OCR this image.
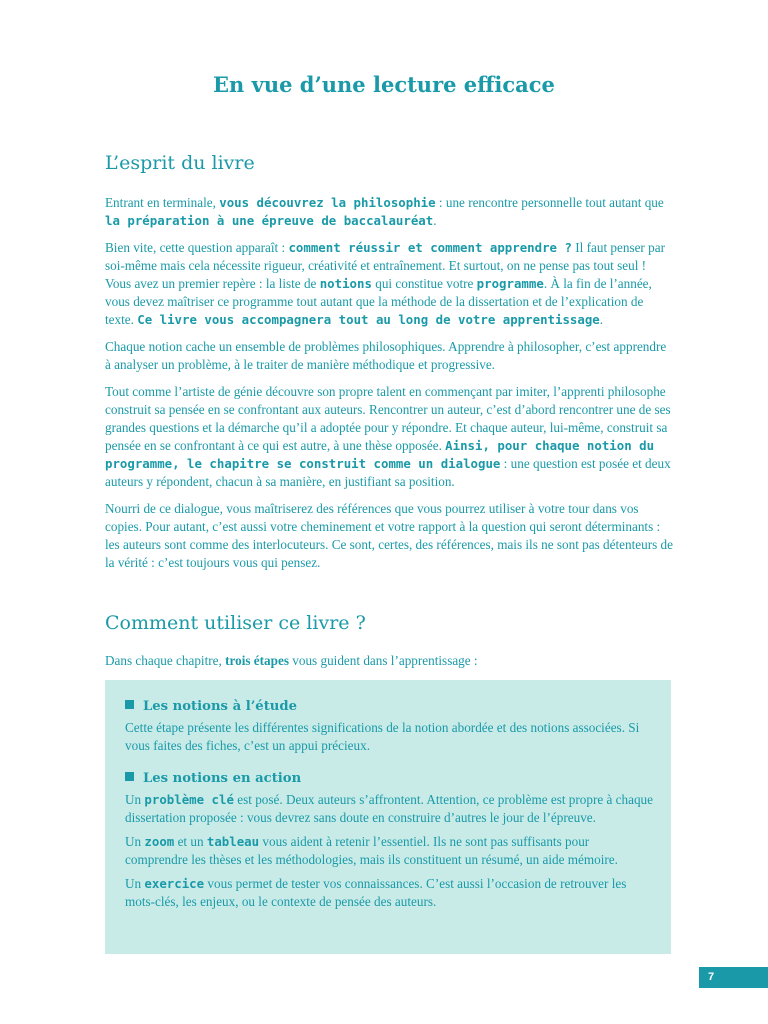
En vue d’une lecture efficace
L’esprit du livre

Entrant en terminale, vous découvrez la philosophie : une rencontre personnelle tout autant que la préparation à une épreuve de baccalauréat.

Bien vite, cette question apparaît : comment réussir et comment apprendre ? Il faut penser par soi-même mais cela nécessite rigueur, créativité et entraînement. Et surtout, on ne pense pas tout seul ! Vous avez un premier repère : la liste de notions qui constitue votre programme. À la fin de l’année, vous devez maîtriser ce programme tout autant que la méthode de la dissertation et de l’explication de texte. Ce livre vous accompagnera tout au long de votre apprentissage.

Chaque notion cache un ensemble de problèmes philosophiques. Apprendre à philosopher, c’est apprendre à analyser un problème, à le traiter de manière méthodique et progressive.

Tout comme l’artiste de génie découvre son propre talent en commençant par imiter, l’apprenti philosophe construit sa pensée en se confrontant aux auteurs. Rencontrer un auteur, c’est d’abord rencontrer une de ses grandes questions et la démarche qu’il a adoptée pour y répondre. Et chaque auteur, lui-même, construit sa pensée en se confrontant à ce qui est autre, à une thèse opposée. Ainsi, pour chaque notion du programme, le chapitre se construit comme un dialogue : une question est posée et deux auteurs y répondent, chacun à sa manière, en justifiant sa position.

Nourri de ce dialogue, vous maîtriserez des références que vous pourrez utiliser à votre tour dans vos copies. Pour autant, c’est aussi votre cheminement et votre rapport à la question qui seront déterminants : les auteurs sont comme des interlocuteurs. Ce sont, certes, des références, mais ils ne sont pas détenteurs de la vérité : c’est toujours vous qui pensez.

Comment utiliser ce livre ?

Dans chaque chapitre, trois étapes vous guident dans l’apprentissage :

Les notions à l’étude

Cette étape présente les différentes significations de la notion abordée et des notions associées. Si vous faites des fiches, c’est un appui précieux.

Les notions en action

Un problème clé est posé. Deux auteurs s’affrontent. Attention, ce problème est propre à chaque dissertation proposée : vous devrez sans doute en construire d’autres le jour de l’épreuve.

Un zoom et un tableau vous aident à retenir l’essentiel. Ils ne sont pas suffisants pour comprendre les thèses et les méthodologies, mais ils constituent un résumé, un aide mémoire.

Un exercice vous permet de tester vos connaissances. C’est aussi l’occasion de retrouver les mots-clés, les enjeux, ou le contexte de pensée des auteurs.

7
